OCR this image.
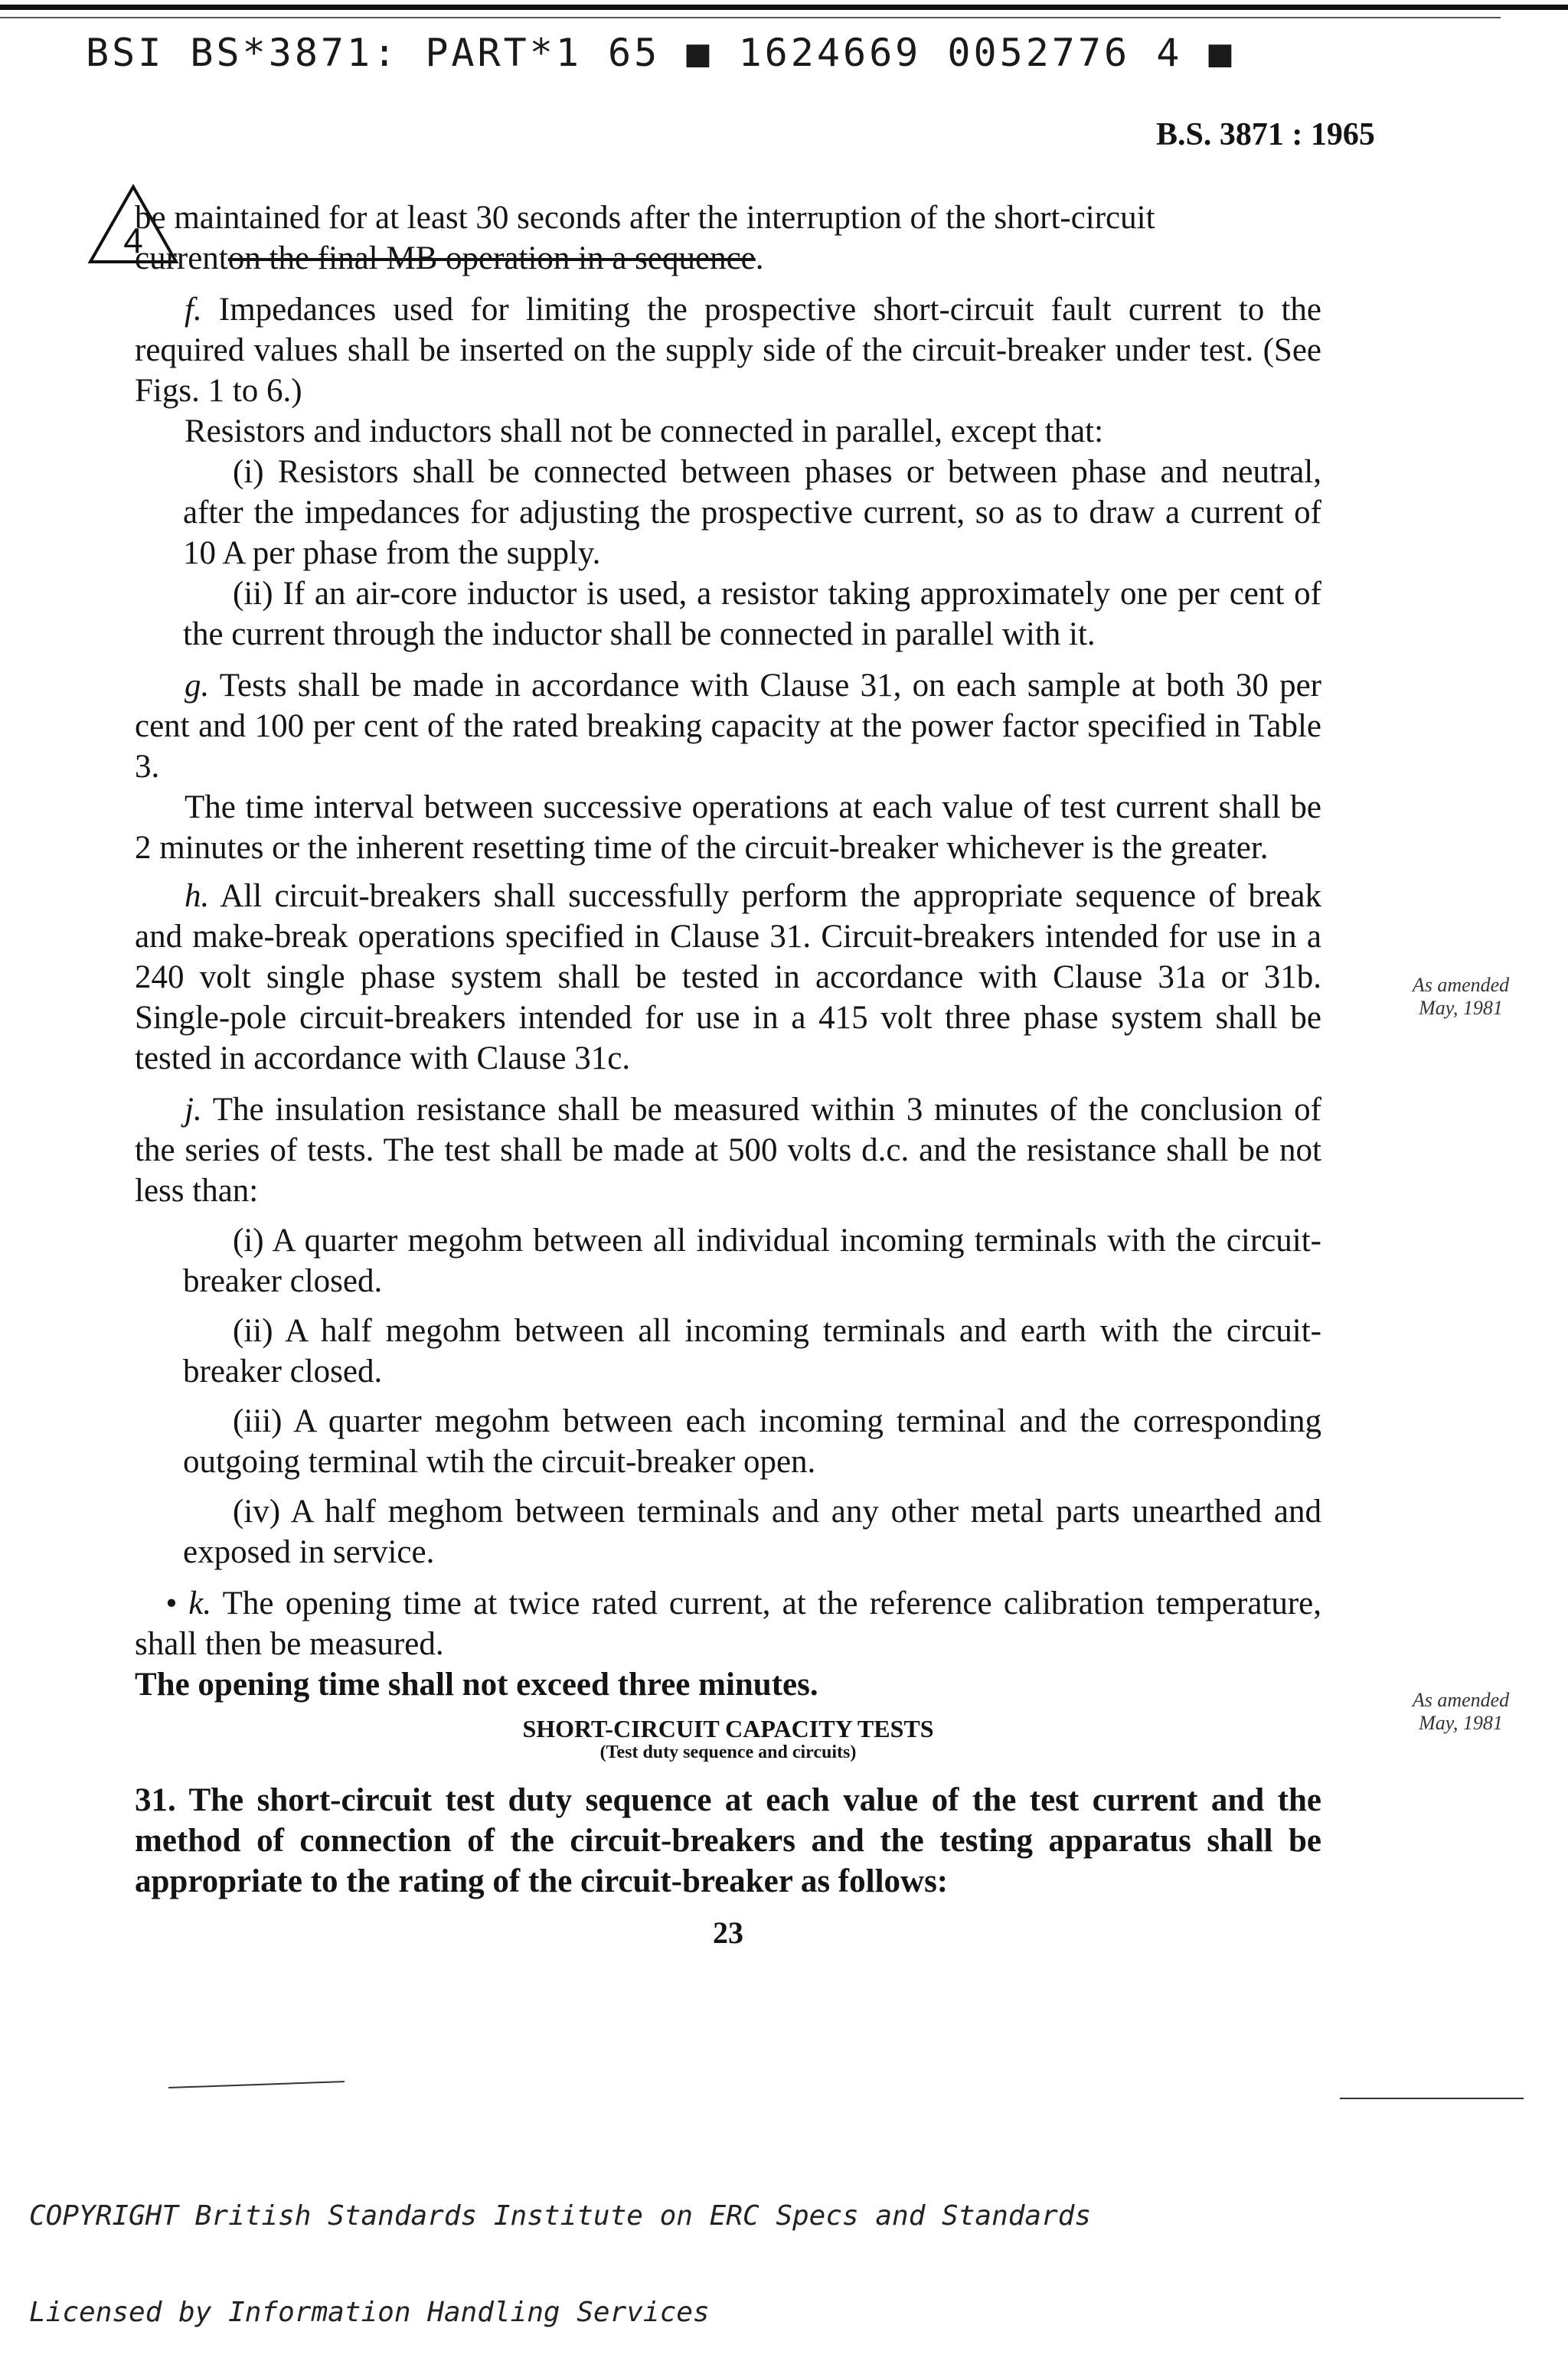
BSI BS*3871: PART*1 65 ■ 1624669 0052776 4 ■
B.S. 3871 : 1965
4

be maintained for at least 30 seconds after the interruption of the short-circuit
currenton the final MB operation in a sequence.

f. Impedances used for limiting the prospective short-circuit fault current to the required values shall be inserted on the supply side of the circuit-breaker under test. (See Figs. 1 to 6.)

Resistors and inductors shall not be connected in parallel, except that:

(i) Resistors shall be connected between phases or between phase and neutral, after the impedances for adjusting the prospective current, so as to draw a current of 10 A per phase from the supply.

(ii) If an air-core inductor is used, a resistor taking approximately one per cent of the current through the inductor shall be connected in parallel with it.

g. Tests shall be made in accordance with Clause 31, on each sample at both 30 per cent and 100 per cent of the rated breaking capacity at the power factor specified in Table 3.

The time interval between successive operations at each value of test current shall be 2 minutes or the inherent resetting time of the circuit-breaker whichever is the greater.

h. All circuit-breakers shall successfully perform the appropriate sequence of break and make-break operations specified in Clause 31. Circuit-breakers intended for use in a 240 volt single phase system shall be tested in accordance with Clause 31a or 31b. Single-pole circuit-breakers intended for use in a 415 volt three phase system shall be tested in accordance with Clause 31c.

j. The insulation resistance shall be measured within 3 minutes of the conclusion of the series of tests. The test shall be made at 500 volts d.c. and the resistance shall be not less than:

(i) A quarter megohm between all individual incoming terminals with the circuit-breaker closed.

(ii) A half megohm between all incoming terminals and earth with the circuit-breaker closed.

(iii) A quarter megohm between each incoming terminal and the corresponding outgoing terminal wtih the circuit-breaker open.

(iv) A half meghom between terminals and any other metal parts unearthed and exposed in service.

• k. The opening time at twice rated current, at the reference calibration temperature, shall then be measured.

The opening time shall not exceed three minutes.

SHORT-CIRCUIT CAPACITY TESTS

(Test duty sequence and circuits)

31. The short-circuit test duty sequence at each value of the test current and the method of connection of the circuit-breakers and the testing apparatus shall be appropriate to the rating of the circuit-breaker as follows:

23

As amended
May, 1981
As amended
May, 1981

COPYRIGHT British Standards Institute on ERC Specs and Standards

Licensed by Information Handling Services
